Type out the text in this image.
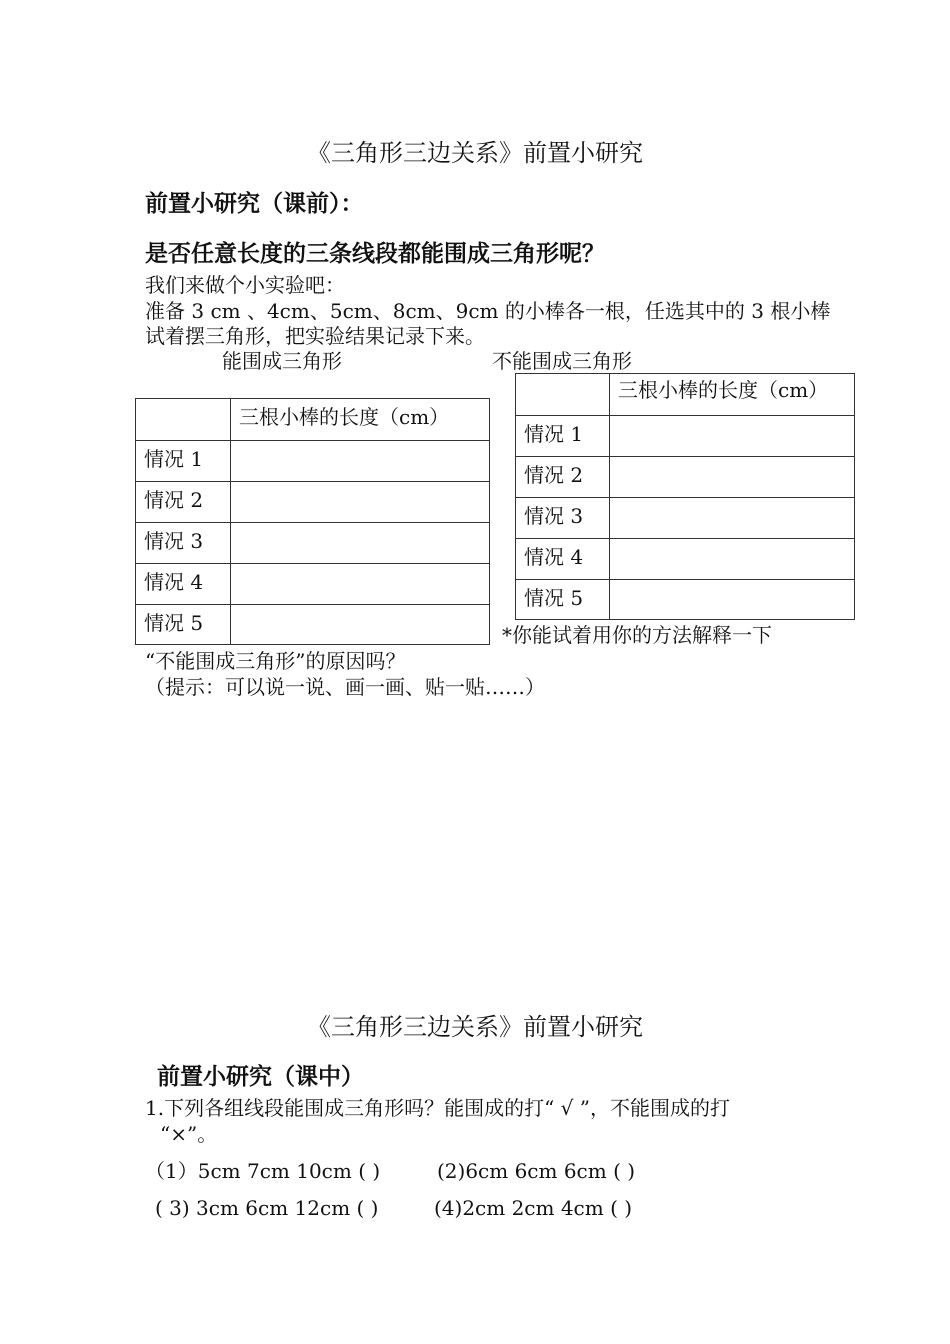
《三角形三边关系》前置小研究
前置小研究（课前）：
是否任意长度的三条线段都能围成三角形呢？
我们来做个小实验吧：
准备 3 cm 、4cm、5cm、8cm、9cm 的小棒各一根，任选其中的 3 根小棒
试着摆三角形，把实验结果记录下来。
能围成三角形	不能围成三角形

	三根小棒的长度（cm）

情况 1	

情况 2	

情况 3	

情况 4	

情况 5	

	三根小棒的长度（cm）

情况 1	

情况 2	

情况 3	

情况 4	

情况 5	

*你能试着用你的方法解释一下
“不能围成三角形”的原因吗？
（提示：可以说一说、画一画、贴一贴……）
《三角形三边关系》前置小研究
前置小研究（课中）
1.下列各组线段能围成三角形吗？能围成的打“ √ ”，不能围成的打
“×”。
（1）5cm 7cm 10cm ( )	(2)6cm 6cm 6cm ( )
( 3) 3cm 6cm 12cm ( )	(4)2cm 2cm 4cm ( )
